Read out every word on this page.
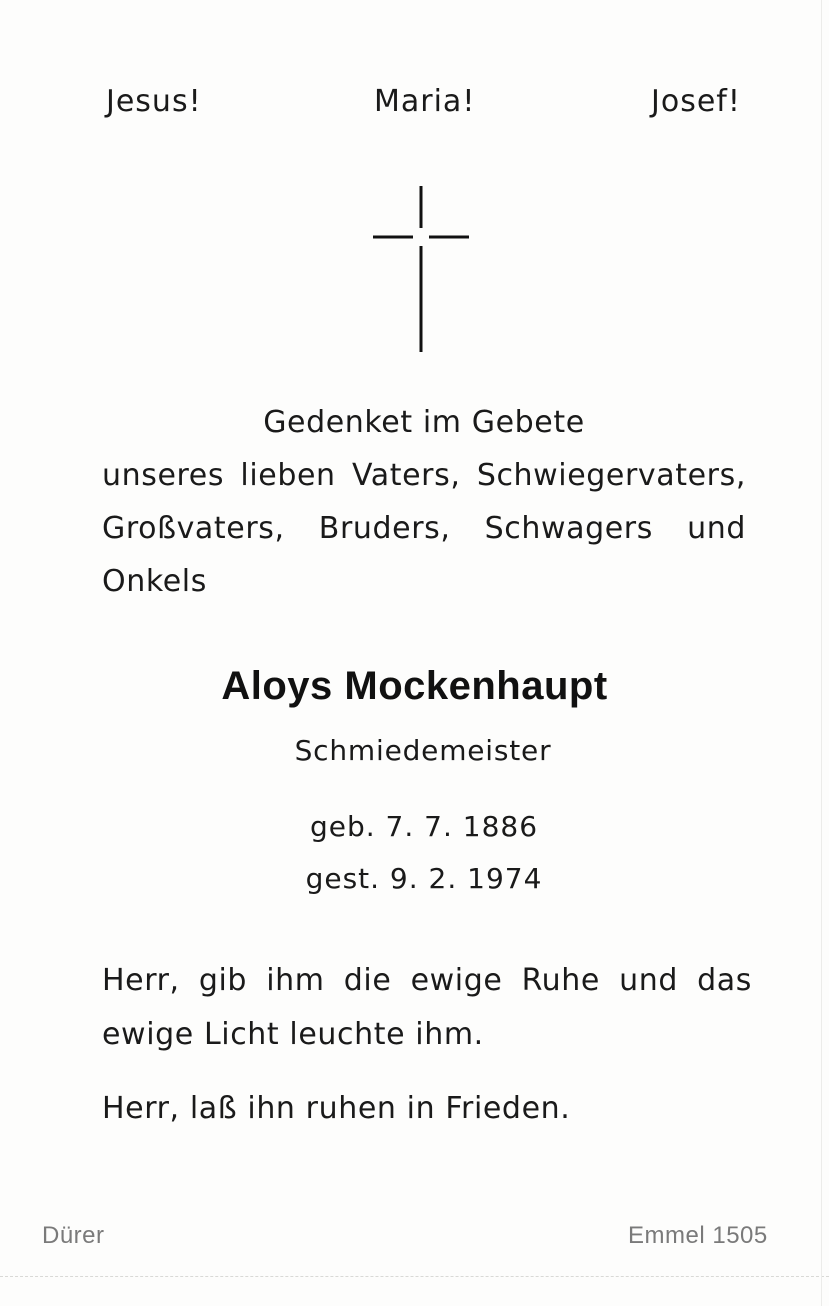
Jesus!	Maria!	Josef!
Gedenket im Gebete
unseres lieben Vaters, Schwiegervaters,
Großvaters, Bruders, Schwagers und
Onkels
Aloys Mockenhaupt
Schmiedemeister
geb. 7. 7. 1886
gest. 9. 2. 1974
Herr, gib ihm die ewige Ruhe und das
ewige Licht leuchte ihm.
Herr, laß ihn ruhen in Frieden.
Dürer	Emmel 1505
